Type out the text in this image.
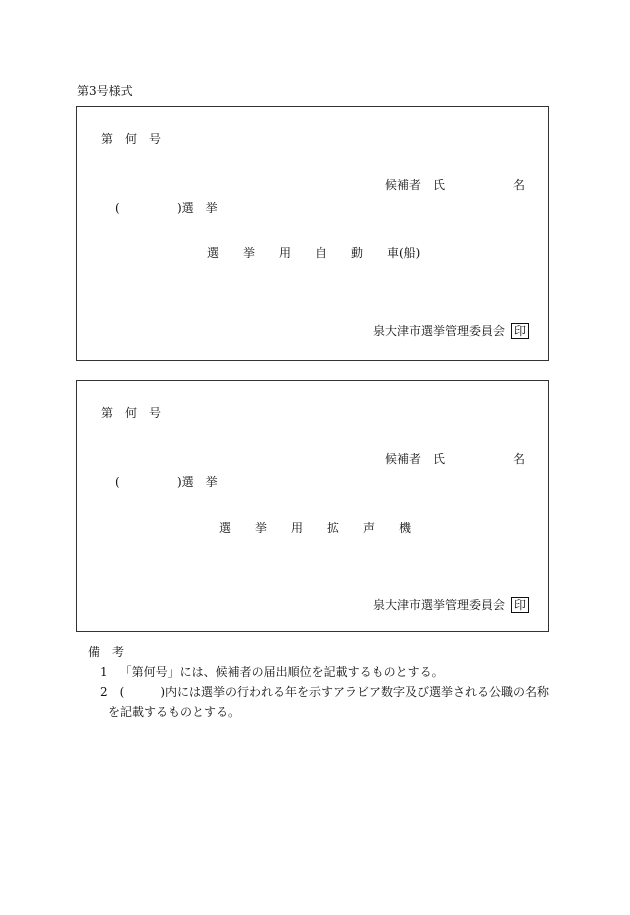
第3号様式
第　何　号
候補者　氏	名
(	)選　挙
選　　挙　　用　　自　　動　　車(船)
泉大津市選挙管理委員会 印
第　何　号
候補者　氏	名
(	)選　挙
選　　挙　　用　　拡　　声　　機
泉大津市選挙管理委員会 印
備　考
1 「第何号」には、候補者の届出順位を記載するものとする。
2 (　　　)内には選挙の行われる年を示すアラビア数字及び選挙される公職の名称
を記載するものとする。
